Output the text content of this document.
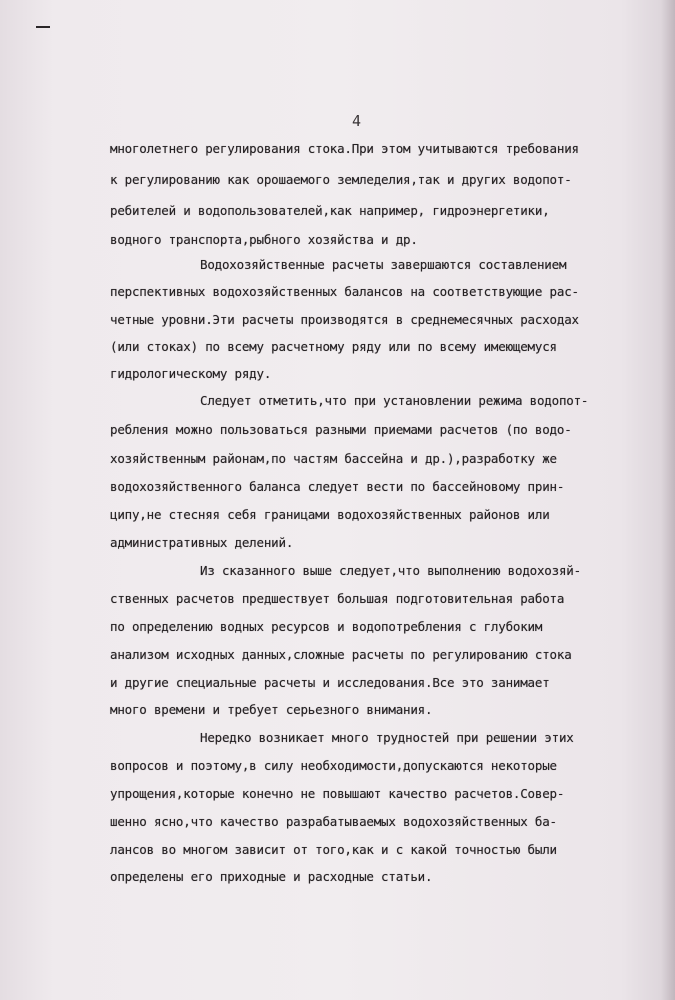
4

многолетнего регулирования стока.При этом учитываются требования

к регулированию как орошаемого земледелия,так и других водопот-

ребителей и водопользователей,как например, гидроэнергетики,

водного транспорта,рыбного хозяйства и др.

Водохозяйственные расчеты завершаются составлением

перспективных водохозяйственных балансов на соответствующие рас-

четные уровни.Эти расчеты производятся в среднемесячных расходах

(или стоках) по всему расчетному ряду или по всему имеющемуся

гидрологическому ряду.

Следует отметить,что при установлении режима водопот-

ребления можно пользоваться разными приемами расчетов (по водо-

хозяйственным районам,по частям бассейна и др.),разработку же

водохозяйственного баланса следует вести по бассейновому прин-

ципу,не стесняя себя границами водохозяйственных районов или

административных делений.

Из сказанного выше следует,что выполнению водохозяй-

ственных расчетов предшествует большая подготовительная работа

по определению водных ресурсов и водопотребления с глубоким

анализом исходных данных,сложные расчеты по регулированию стока

и другие специальные расчеты и исследования.Все это занимает

много времени и требует серьезного внимания.

Нередко возникает много трудностей при решении этих

вопросов и поэтому,в силу необходимости,допускаются некоторые

упрощения,которые конечно не повышают качество расчетов.Совер-

шенно ясно,что качество разрабатываемых водохозяйственных ба-

лансов во многом зависит от того,как и с какой точностью были

определены его приходные и расходные статьи.
